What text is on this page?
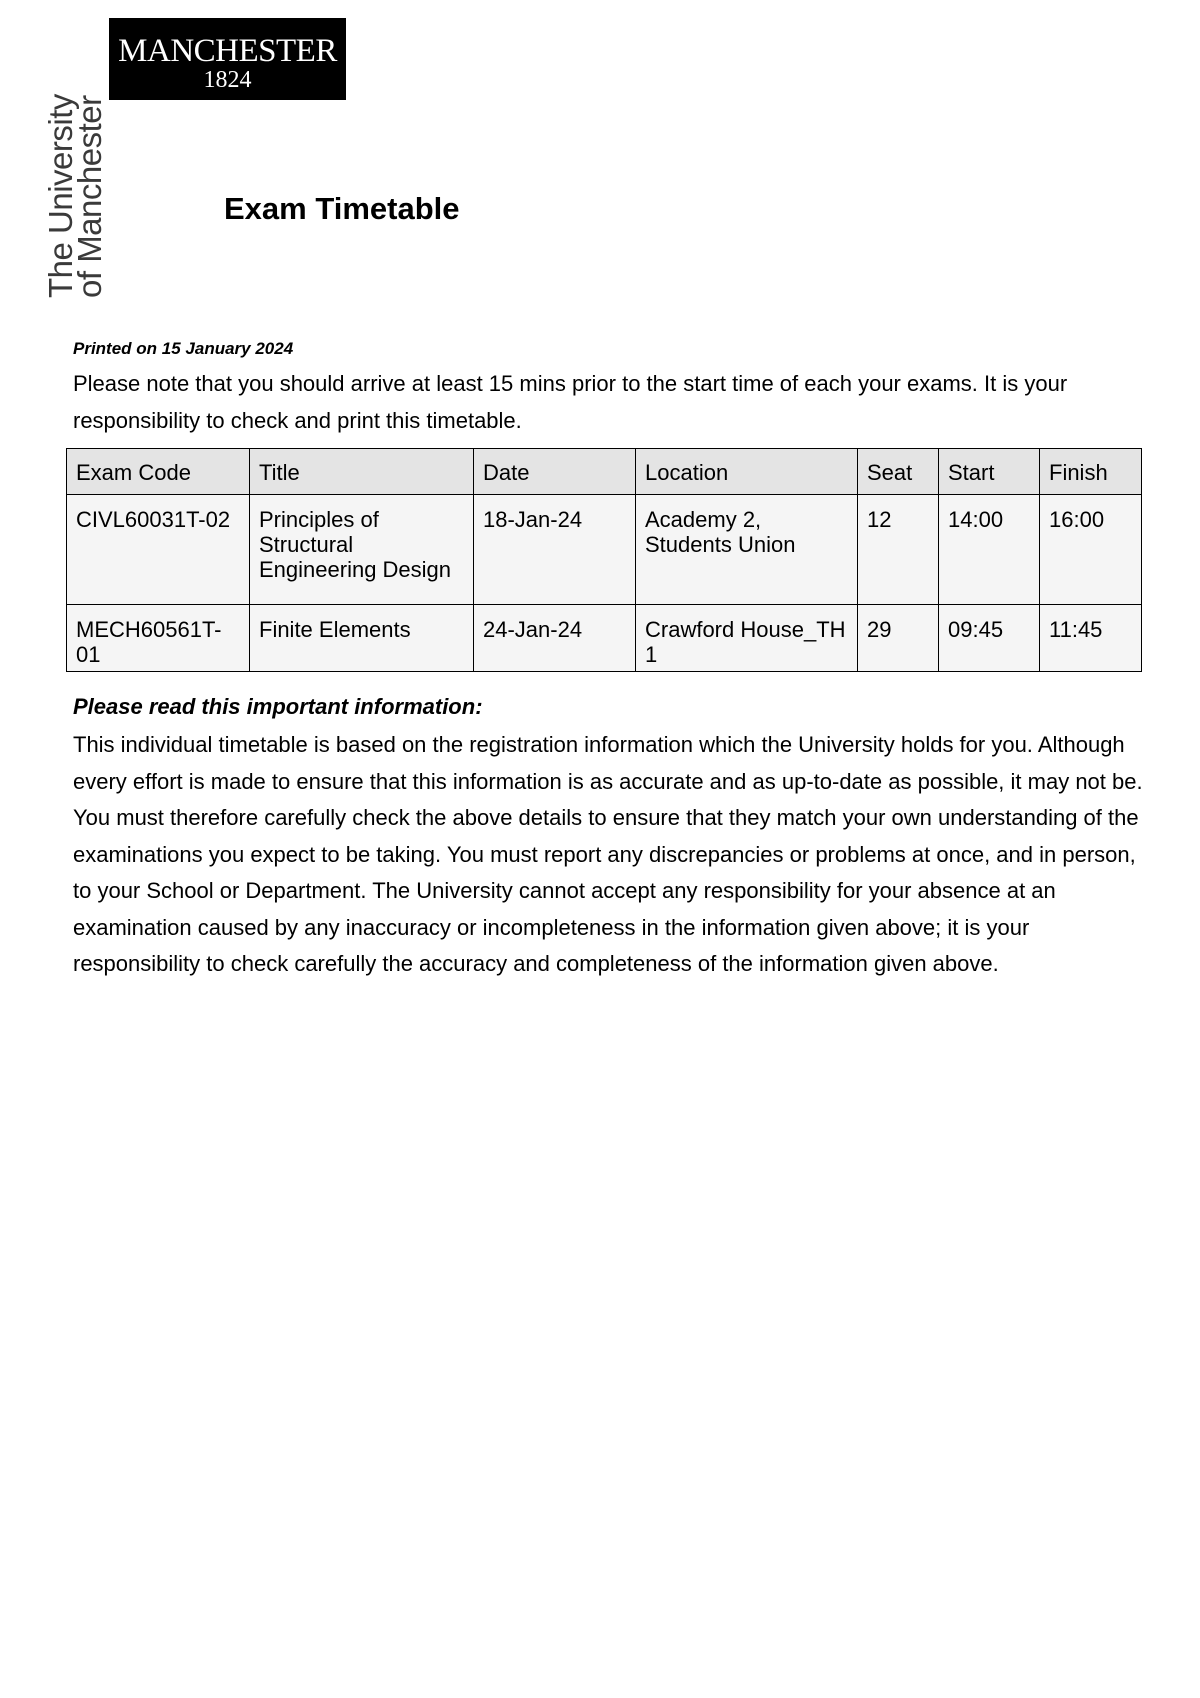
MANCHESTER
1824
The University
of Manchester	Exam Timetable
Printed on 15 January 2024

Please note that you should arrive at least 15 mins prior to the start time of each your exams. It is your responsibility to check and print this timetable.

Exam Code	Title	Date	Location	Seat	Start	Finish
CIVL60031T-02	Principles of Structural Engineering Design	18-Jan-24	Academy 2, Students Union	12	14:00	16:00
MECH60561T-01	Finite Elements	24-Jan-24	Crawford House_TH 1	29	09:45	11:45
Please read this important information:

This individual timetable is based on the registration information which the University holds for you. Although every effort is made to ensure that this information is as accurate and as up-to-date as possible, it may not be. You must therefore carefully check the above details to ensure that they match your own understanding of the examinations you expect to be taking. You must report any discrepancies or problems at once, and in person, to your School or Department. The University cannot accept any responsibility for your absence at an examination caused by any inaccuracy or incompleteness in the information given above; it is your responsibility to check carefully the accuracy and completeness of the information given above.
